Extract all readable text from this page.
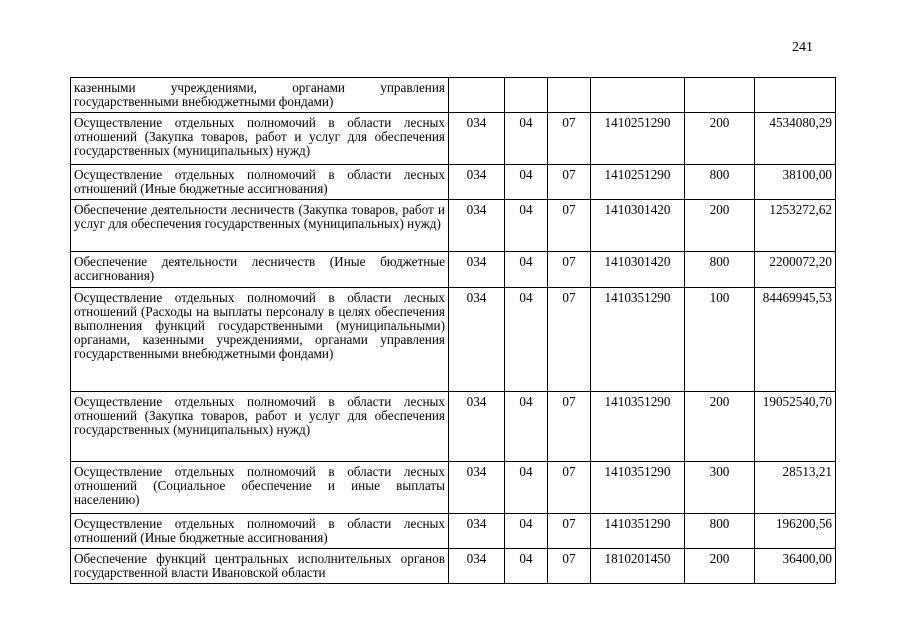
241
казенными учреждениями, органами управления государственными внебюджетными фондами)						

Осуществление отдельных полномочий в области лесных отношений (Закупка товаров, работ и услуг для обеспечения государственных (муниципальных) нужд)	034	04	07	1410251290	200	4534080,29

Осуществление отдельных полномочий в области лесных отношений (Иные бюджетные ассигнования)	034	04	07	1410251290	800	38100,00

Обеспечение деятельности лесничеств (Закупка товаров, работ и услуг для обеспечения государственных (муниципальных) нужд)	034	04	07	1410301420	200	1253272,62

Обеспечение деятельности лесничеств (Иные бюджетные ассигнования)	034	04	07	1410301420	800	2200072,20

Осуществление отдельных полномочий в области лесных отношений (Расходы на выплаты персоналу в целях обеспечения выполнения функций государственными (муниципальными) органами, казенными учреждениями, органами управления государственными внебюджетными фондами)	034	04	07	1410351290	100	84469945,53

Осуществление отдельных полномочий в области лесных отношений (Закупка товаров, работ и услуг для обеспечения государственных (муниципальных) нужд)	034	04	07	1410351290	200	19052540,70

Осуществление отдельных полномочий в области лесных отношений (Социальное обеспечение и иные выплаты населению)	034	04	07	1410351290	300	28513,21

Осуществление отдельных полномочий в области лесных отношений (Иные бюджетные ассигнования)	034	04	07	1410351290	800	196200,56

Обеспечение функций центральных исполнительных органов государственной власти Ивановской области	034	04	07	1810201450	200	36400,00
